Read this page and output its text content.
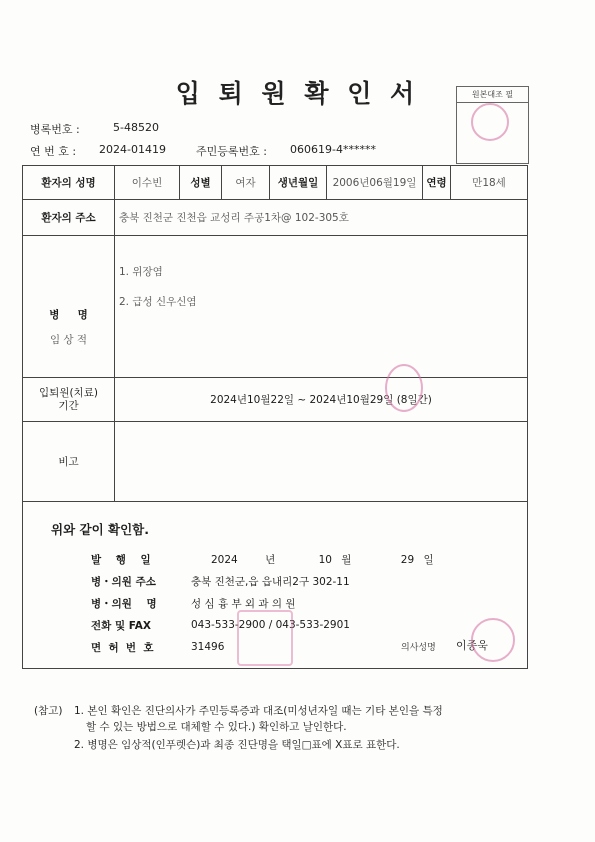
입 퇴 원 확 인 서	원본대조 필
병록번호 :	5-48520
연 번 호 : 2024-01419	주민등록번호 : 060619-4******
환자의 성명	이수빈	성별	여자	생년월일	2006년06월19일	연령	만18세
환자의 주소	충북 진천군 진천읍 교성리 주공1차@ 102-305호

병     명
임 상 적

1. 위장염
2. 급성 신우신염

입퇴원(치료)
기간	2024년10월22일 ~ 2024년10월29일 (8일간)

비고	

위와 같이 확인함.
발    행    일	2024	년	10 월	29 일
병・의원 주소	충북 진천군,읍 읍내리2구 302-11
병・의원    명	성 심 흉 부 외 과 의 원
전화 및 FAX	043-533-2900 / 043-533-2901
면  허  번  호	31496	의사성명 이종욱
(참고) 1. 본인 확인은 진단의사가 주민등록증과 대조(미성년자일 때는 기타 본인을 특정
할 수 있는 방법으로 대체할 수 있다.) 확인하고 날인한다.
2. 병명은 임상적(인푸렛슨)과 최종 진단명을 택일□표에 X표로 표한다.
